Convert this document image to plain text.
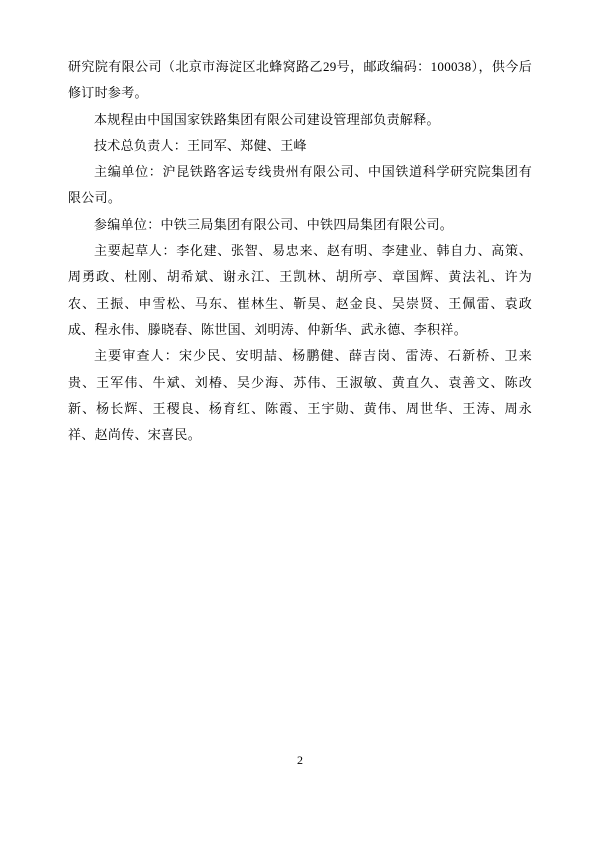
研究院有限公司（北京市海淀区北蜂窝路乙29号，邮政编码：100038），供今后修订时参考。

本规程由中国国家铁路集团有限公司建设管理部负责解释。

技术总负责人：王同军、郑健、王峰

主编单位：沪昆铁路客运专线贵州有限公司、中国铁道科学研究院集团有限公司。

参编单位：中铁三局集团有限公司、中铁四局集团有限公司。

主要起草人：李化建、张智、易忠来、赵有明、李建业、韩自力、高策、周勇政、杜刚、胡希斌、谢永江、王凯林、胡所亭、章国辉、黄法礼、许为农、王振、申雪松、马东、崔林生、靳昊、赵金良、吴崇贤、王佩雷、袁政成、程永伟、滕晓春、陈世国、刘明涛、仲新华、武永德、李积祥。

主要审查人：宋少民、安明喆、杨鹏健、薛吉岗、雷涛、石新桥、卫来贵、王军伟、牛斌、刘椿、吴少海、苏伟、王淑敏、黄直久、袁善文、陈改新、杨长辉、王稷良、杨育红、陈霞、王宇勋、黄伟、周世华、王涛、周永祥、赵尚传、宋喜民。

2
